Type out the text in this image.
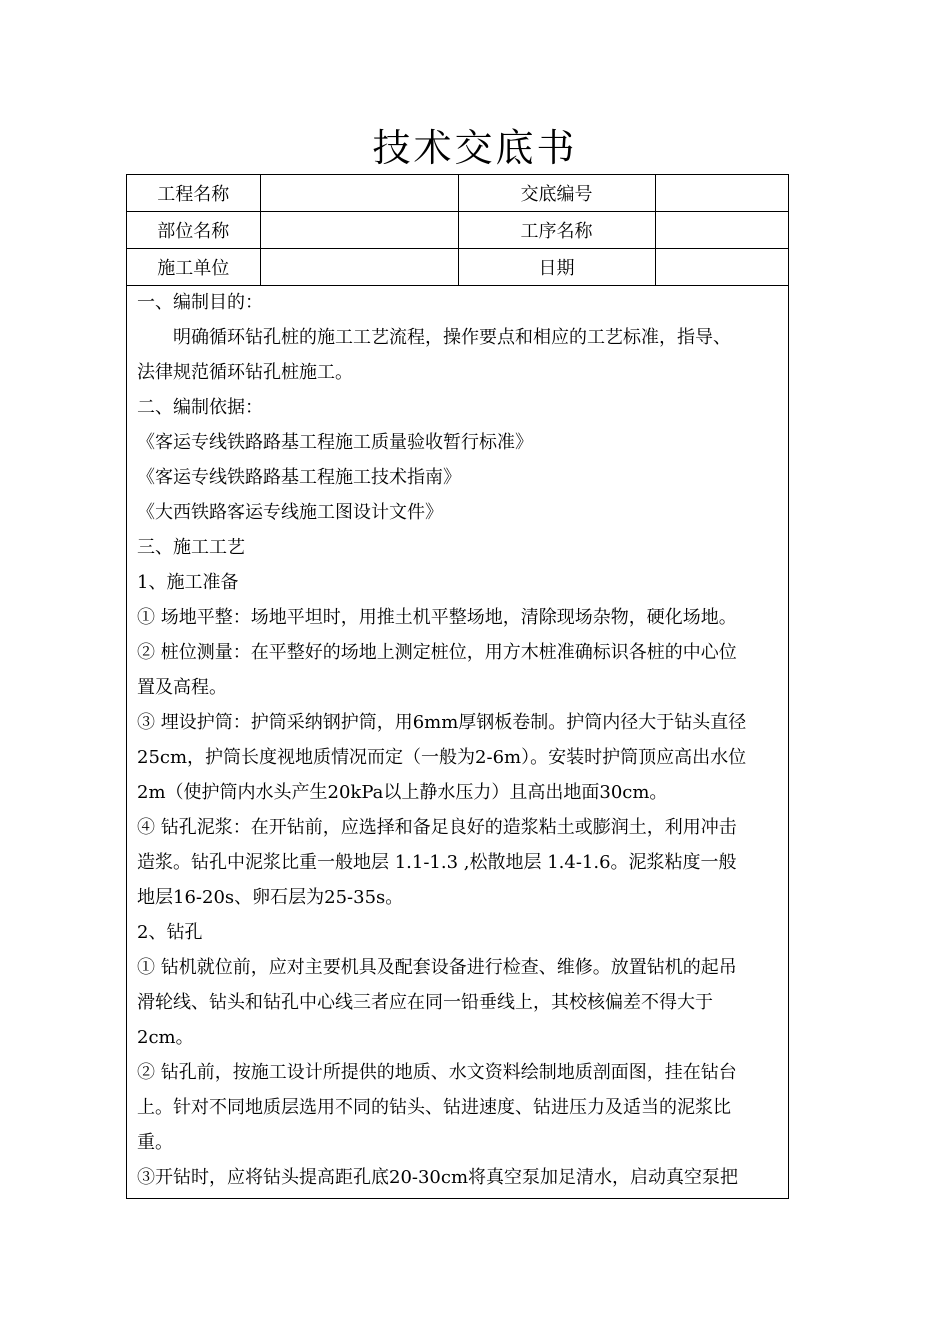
技术交底书
工程名称		交底编号	
部位名称		工序名称	
施工单位		日期	

一、编制目的：

明确循环钻孔桩的施工工艺流程，操作要点和相应的工艺标准，指导、

法律规范循环钻孔桩施工。

二、编制依据：

《客运专线铁路路基工程施工质量验收暂行标准》

《客运专线铁路路基工程施工技术指南》

《大西铁路客运专线施工图设计文件》

三、施工工艺

1、施工准备

① 场地平整：场地平坦时，用推土机平整场地，清除现场杂物，硬化场地。

② 桩位测量：在平整好的场地上测定桩位，用方木桩准确标识各桩的中心位

置及高程。

③ 埋设护筒：护筒采纳钢护筒，用6mm厚钢板卷制。护筒内径大于钻头直径

25cm，护筒长度视地质情况而定（一般为2-6m）。安装时护筒顶应高出水位

2m（使护筒内水头产生20kPa以上静水压力）且高出地面30cm。

④ 钻孔泥浆：在开钻前，应选择和备足良好的造浆粘土或膨润土，利用冲击

造浆。钻孔中泥浆比重一般地层 1.1-1.3 ,松散地层 1.4-1.6。泥浆粘度一般

地层16-20s、卵石层为25-35s。

2、钻孔

① 钻机就位前，应对主要机具及配套设备进行检查、维修。放置钻机的起吊

滑轮线、钻头和钻孔中心线三者应在同一铅垂线上，其校核偏差不得大于

2cm。

② 钻孔前，按施工设计所提供的地质、水文资料绘制地质剖面图，挂在钻台

上。针对不同地质层选用不同的钻头、钻进速度、钻进压力及适当的泥浆比

重。

③开钻时，应将钻头提高距孔底20-30cm将真空泵加足清水，启动真空泵把
